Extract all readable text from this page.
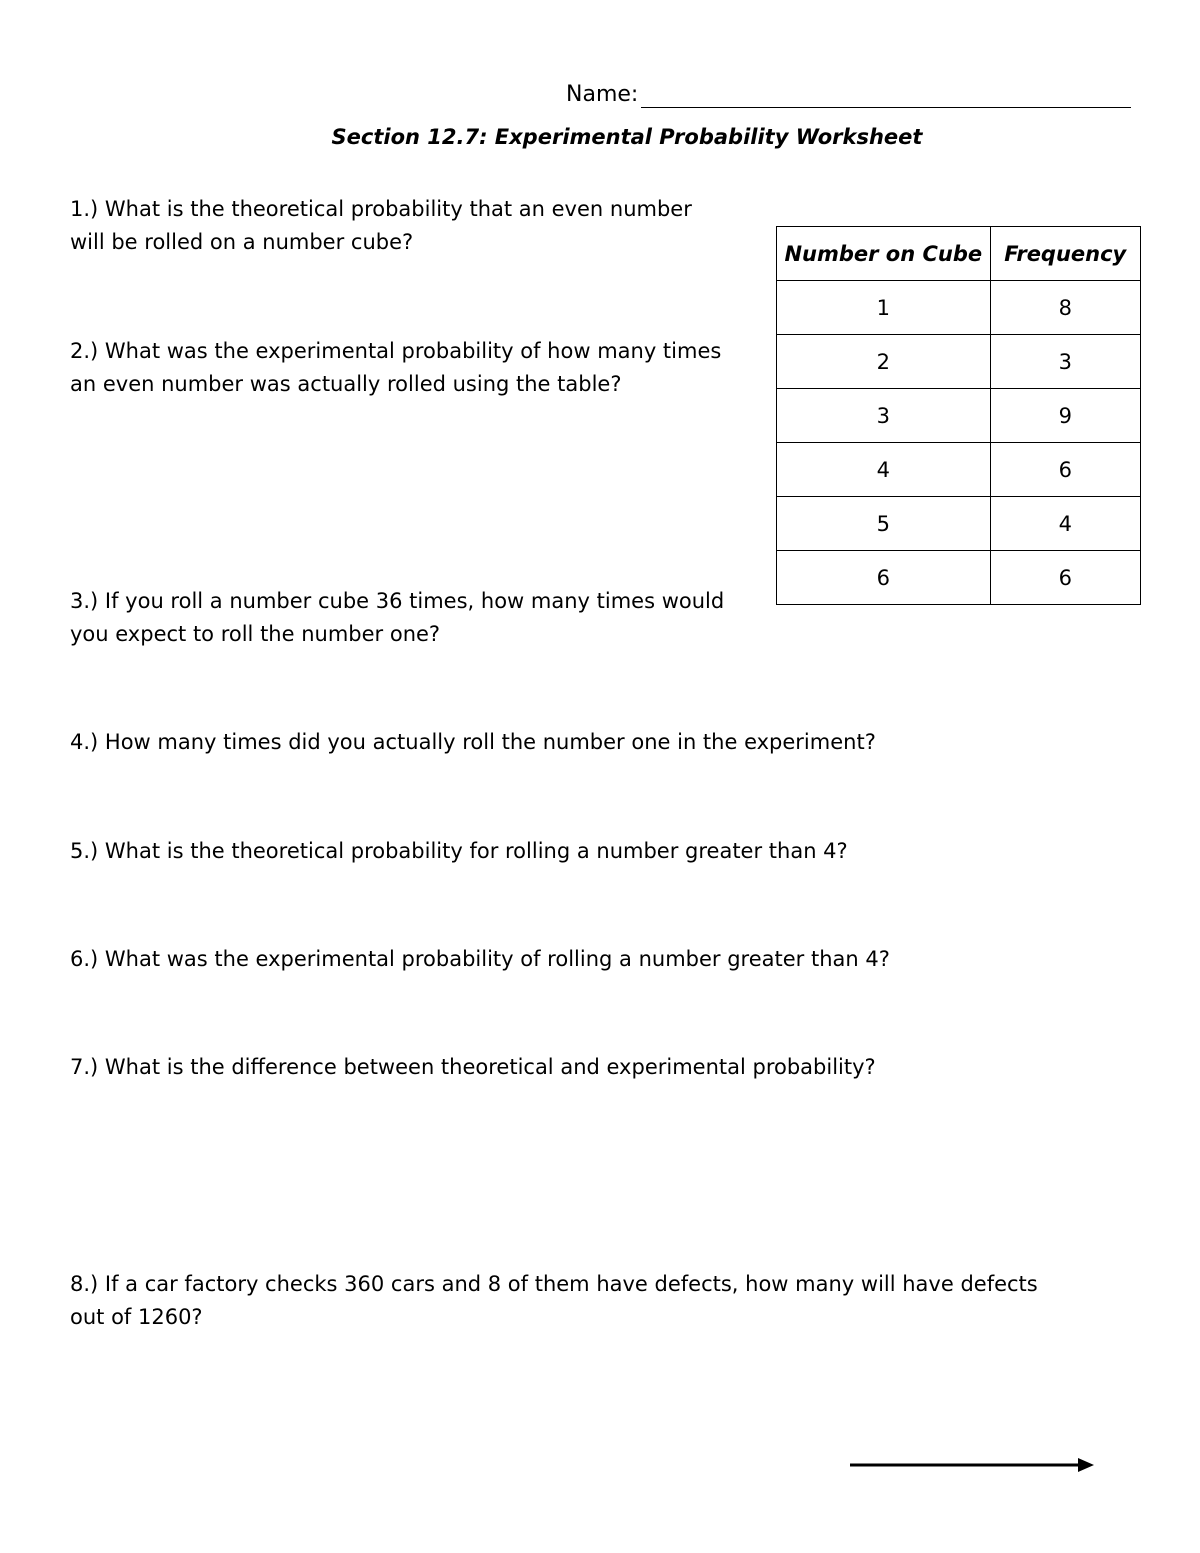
Name:
Section 12.7: Experimental Probability Worksheet
1.) What is the theoretical probability that an even number
will be rolled on a number cube?
2.) What was the experimental probability of how many times
an even number was actually rolled using the table?
3.) If you roll a number cube 36 times, how many times would
you expect to roll the number one?
4.) How many times did you actually roll the number one in the experiment?
5.) What is the theoretical probability for rolling a number greater than 4?
6.) What was the experimental probability of rolling a number greater than 4?
7.) What is the difference between theoretical and experimental probability?
8.) If a car factory checks 360 cars and 8 of them have defects, how many will have defects
out of 1260?
Number on Cube	Frequency
1	8
2	3
3	9
4	6
5	4
6	6
